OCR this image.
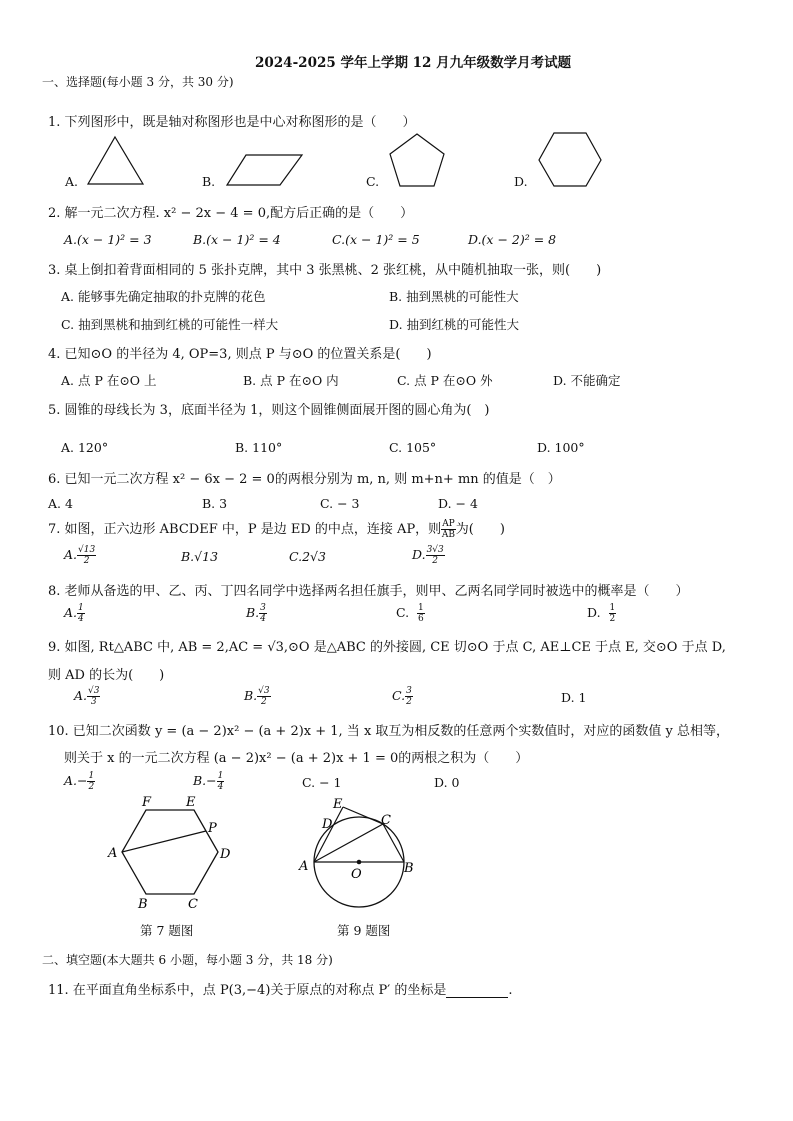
2024-2025 学年上学期 12 月九年级数学月考试题
一、选择题(每小题 3 分，共 30 分)
1. 下列图形中，既是轴对称图形也是中心对称图形的是（　　）
A.	B.	C.	D.
2. 解一元二次方程. x² − 2x − 4 = 0,配方后正确的是（　　）
A.(x − 1)² = 3	B.(x − 1)² = 4	C.(x − 1)² = 5	D.(x − 2)² = 8
3. 桌上倒扣着背面相同的 5 张扑克牌，其中 3 张黑桃、2 张红桃，从中随机抽取一张，则(　　)
A. 能够事先确定抽取的扑克牌的花色	B. 抽到黑桃的可能性大
C. 抽到黑桃和抽到红桃的可能性一样大	D. 抽到红桃的可能性大
4. 已知⊙O 的半径为 4, OP=3, 则点 P 与⊙O 的位置关系是(　　)
A. 点 P 在⊙O 上	B. 点 P 在⊙O 内	C. 点 P 在⊙O 外	D. 不能确定
5. 圆锥的母线长为 3，底面半径为 1，则这个圆锥侧面展开图的圆心角为(　)
A. 120°	B. 110°	C. 105°	D. 100°
6. 已知一元二次方程 x² − 6x − 2 = 0的两根分别为 m, n, 则 m+n+ mn 的值是（　）
A. 4	B. 3	C. − 3	D. − 4
7. 如图，正六边形 ABCDEF 中，P 是边 ED 的中点，连接 AP，则 $\frac{AP}{AB}$ 为(　　)
A. $\frac{√13}{2}$	B.√13	C.2√3	D. $\frac{3√3}{2}$
8. 老师从备选的甲、乙、丙、丁四名同学中选择两名担任旗手，则甲、乙两名同学同时被选中的概率是（　　）
A. $\frac{1}{4}$	B. $\frac{3}{4}$	C. $\frac{1}{6}$	D. $\frac{1}{2}$
9. 如图, Rt△ABC 中, AB = 2,AC = √3,⊙O 是△ABC 的外接圆, CE 切⊙O 于点 C, AE⊥CE 于点 E, 交⊙O 于点 D,
则 AD 的长为(　　)
A. $\frac{√3}{3}$	B. $\frac{√3}{2}$	C. $\frac{3}{2}$	D. 1
10. 已知二次函数 y = (a − 2)x² − (a + 2)x + 1, 当 x 取互为相反数的任意两个实数值时，对应的函数值 y 总相等，
则关于 x 的一元二次方程 (a − 2)x² − (a + 2)x + 1 = 0的两根之积为（　　）
$A.- \frac{1}{2}$	$B.- \frac{1}{4}$	C. − 1	D. 0
F	E
P
A	D
B	C
第 7 题图
E
D	C
A
O	B
第 9 题图
二、填空题(本大题共 6 小题，每小题 3 分，共 18 分)
11. 在平面直角坐标系中，点 P(3,−4)关于原点的对称点 P′ 的坐标是	.
